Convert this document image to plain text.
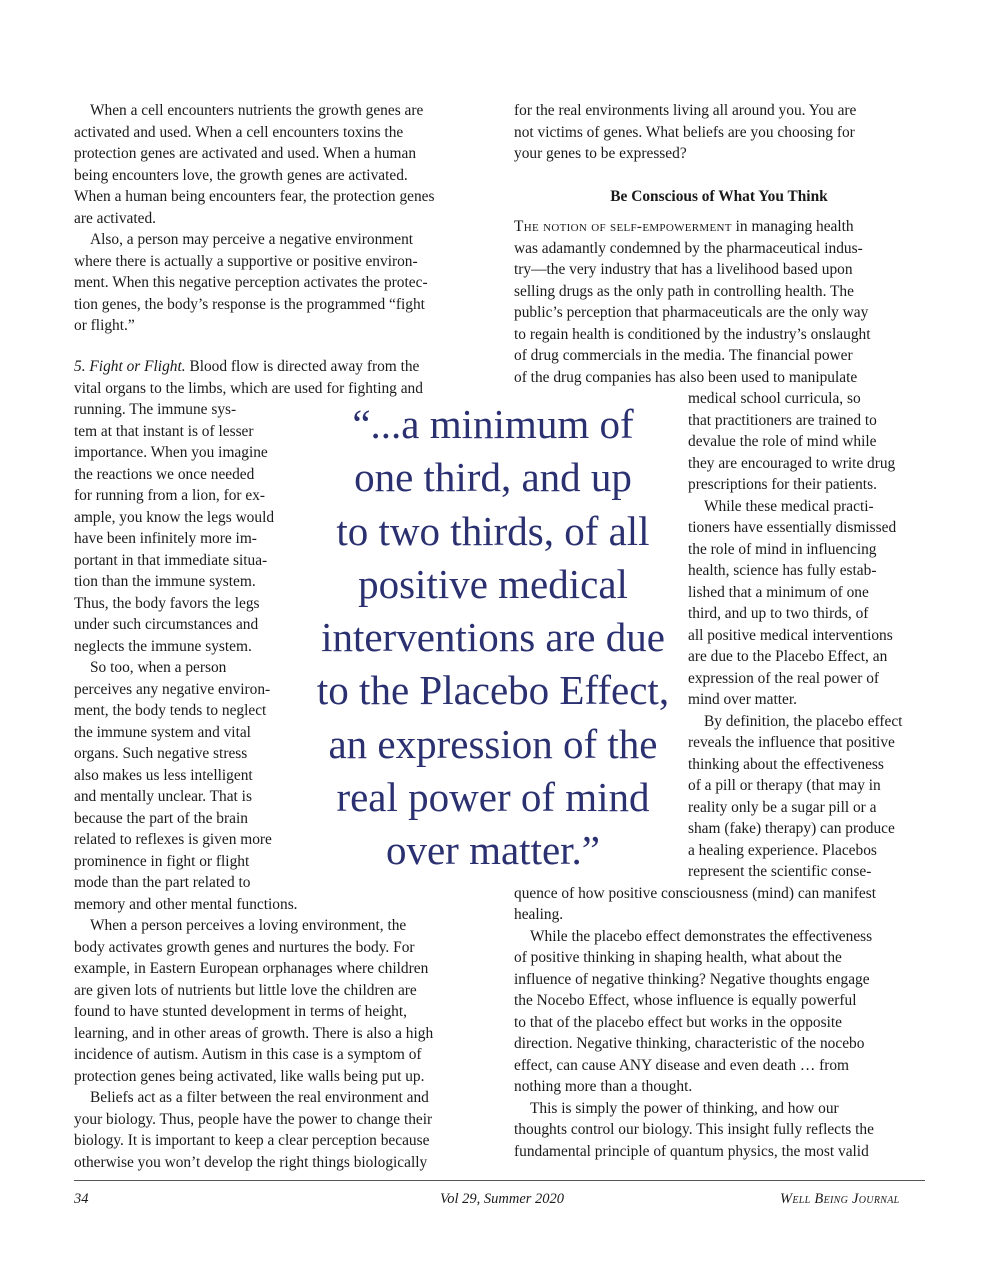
When a cell encounters nutrients the growth genes are
activated and used. When a cell encounters toxins the
protection genes are activated and used. When a human
being encounters love, the growth genes are activated.
When a human being encounters fear, the protection genes
are activated.
Also, a person may perceive a negative environment
where there is actually a supportive or positive environ-
ment. When this negative perception activates the protec-
tion genes, the body’s response is the programmed “fight
or flight.”
5. Fight or Flight. Blood flow is directed away from the
vital organs to the limbs, which are used for fighting and
running. The immune sys-
tem at that instant is of lesser
importance. When you imagine
the reactions we once needed
for running from a lion, for ex-
ample, you know the legs would
have been infinitely more im-
portant in that immediate situa-
tion than the immune system.
Thus, the body favors the legs
under such circumstances and
neglects the immune system.
So too, when a person
perceives any negative environ-
ment, the body tends to neglect
the immune system and vital
organs. Such negative stress
also makes us less intelligent
and mentally unclear. That is
because the part of the brain
related to reflexes is given more
prominence in fight or flight
mode than the part related to
memory and other mental functions.
When a person perceives a loving environment, the
body activates growth genes and nurtures the body. For
example, in Eastern European orphanages where children
are given lots of nutrients but little love the children are
found to have stunted development in terms of height,
learning, and in other areas of growth. There is also a high
incidence of autism. Autism in this case is a symptom of
protection genes being activated, like walls being put up.
Beliefs act as a filter between the real environment and
your biology. Thus, people have the power to change their
biology. It is important to keep a clear perception because
otherwise you won’t develop the right things biologically
for the real environments living all around you. You are
not victims of genes. What beliefs are you choosing for
your genes to be expressed?
Be Conscious of What You Think
The notion of self-empowerment in managing health
was adamantly condemned by the pharmaceutical indus-
try—the very industry that has a livelihood based upon
selling drugs as the only path in controlling health. The
public’s perception that pharmaceuticals are the only way
to regain health is conditioned by the industry’s onslaught
of drug commercials in the media. The financial power
of the drug companies has also been used to manipulate
medical school curricula, so
that practitioners are trained to
devalue the role of mind while
they are encouraged to write drug
prescriptions for their patients.
While these medical practi-
tioners have essentially dismissed
the role of mind in influencing
health, science has fully estab-
lished that a minimum of one
third, and up to two thirds, of
all positive medical interventions
are due to the Placebo Effect, an
expression of the real power of
mind over matter.
By definition, the placebo effect
reveals the influence that positive
thinking about the effectiveness
of a pill or therapy (that may in
reality only be a sugar pill or a
sham (fake) therapy) can produce
a healing experience. Placebos
represent the scientific conse-
quence of how positive consciousness (mind) can manifest
healing.
While the placebo effect demonstrates the effectiveness
of positive thinking in shaping health, what about the
influence of negative thinking? Negative thoughts engage
the Nocebo Effect, whose influence is equally powerful
to that of the placebo effect but works in the opposite
direction. Negative thinking, characteristic of the nocebo
effect, can cause ANY disease and even death … from
nothing more than a thought.
This is simply the power of thinking, and how our
thoughts control our biology. This insight fully reflects the
fundamental principle of quantum physics, the most valid
“...a minimum of
one third, and up
to two thirds, of all
positive medical
interventions are due
to the Placebo Effect,
an expression of the
real power of mind
over matter.”
34	Vol 29, Summer 2020	Well Being Journal
